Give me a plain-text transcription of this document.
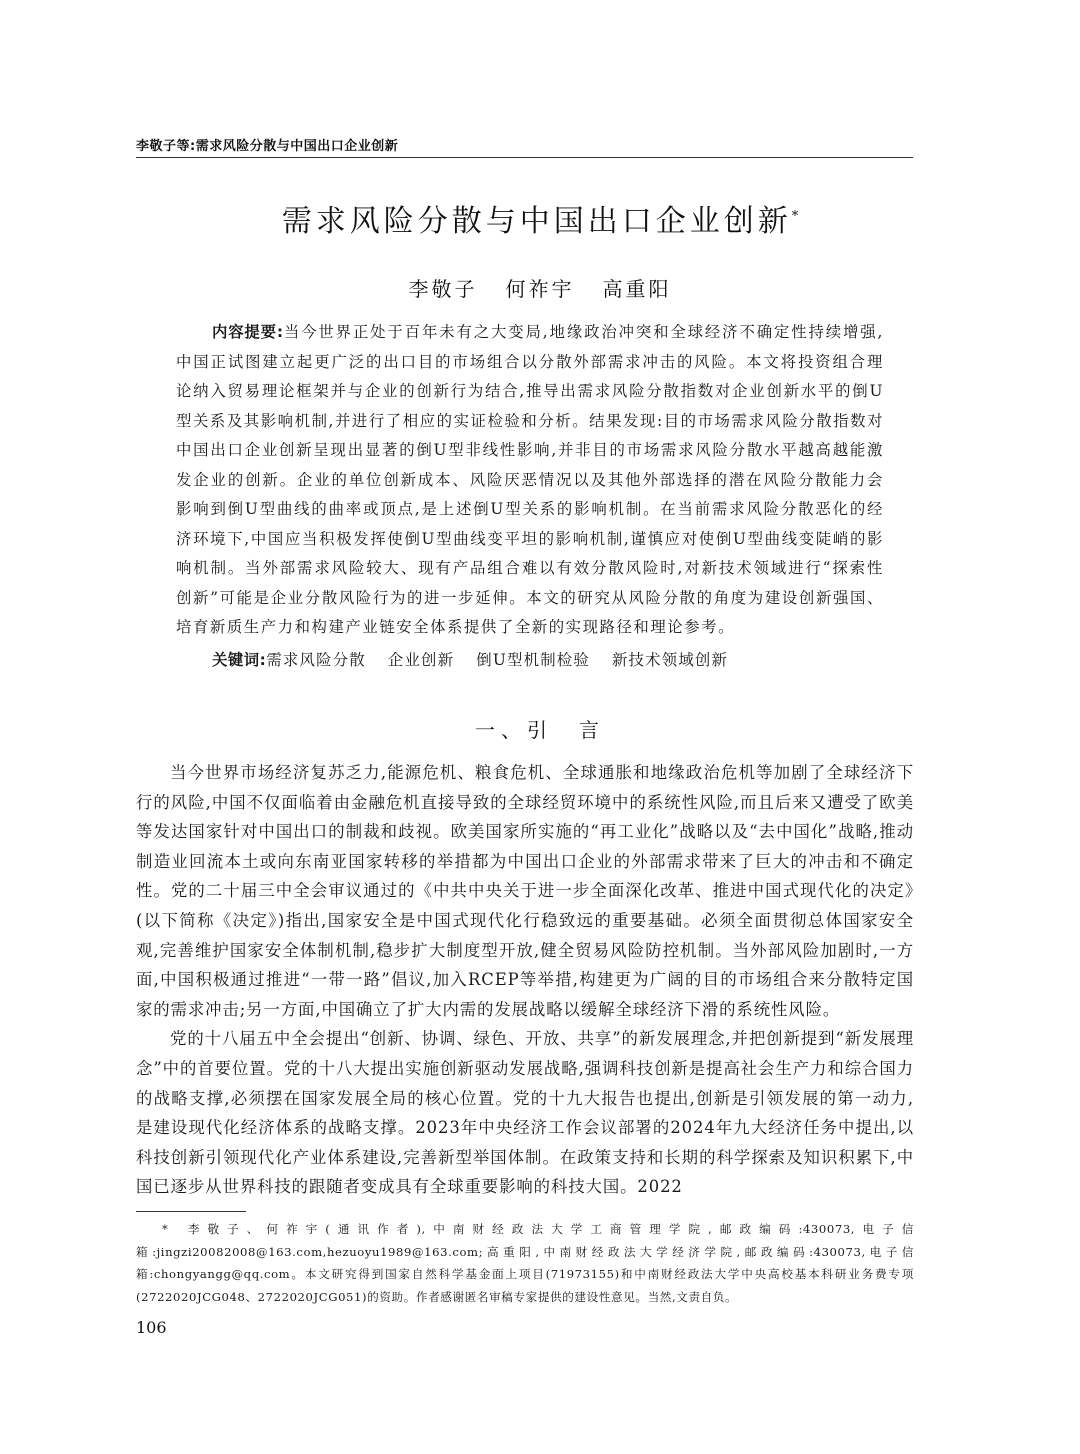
李敬子等:需求风险分散与中国出口企业创新
需求风险分散与中国出口企业创新*
李敬子 何祚宇 高重阳
内容提要:当今世界正处于百年未有之大变局,地缘政治冲突和全球经济不确定性持续增强,中国正试图建立起更广泛的出口目的市场组合以分散外部需求冲击的风险。本文将投资组合理论纳入贸易理论框架并与企业的创新行为结合,推导出需求风险分散指数对企业创新水平的倒U型关系及其影响机制,并进行了相应的实证检验和分析。结果发现:目的市场需求风险分散指数对中国出口企业创新呈现出显著的倒U型非线性影响,并非目的市场需求风险分散水平越高越能激发企业的创新。企业的单位创新成本、风险厌恶情况以及其他外部选择的潜在风险分散能力会影响到倒U型曲线的曲率或顶点,是上述倒U型关系的影响机制。在当前需求风险分散恶化的经济环境下,中国应当积极发挥使倒U型曲线变平坦的影响机制,谨慎应对使倒U型曲线变陡峭的影响机制。当外部需求风险较大、现有产品组合难以有效分散风险时,对新技术领域进行“探索性创新”可能是企业分散风险行为的进一步延伸。本文的研究从风险分散的角度为建设创新强国、培育新质生产力和构建产业链安全体系提供了全新的实现路径和理论参考。
关键词:需求风险分散 企业创新 倒U型机制检验 新技术领域创新
一、引　言

当今世界市场经济复苏乏力,能源危机、粮食危机、全球通胀和地缘政治危机等加剧了全球经济下行的风险,中国不仅面临着由金融危机直接导致的全球经贸环境中的系统性风险,而且后来又遭受了欧美等发达国家针对中国出口的制裁和歧视。欧美国家所实施的“再工业化”战略以及“去中国化”战略,推动制造业回流本土或向东南亚国家转移的举措都为中国出口企业的外部需求带来了巨大的冲击和不确定性。党的二十届三中全会审议通过的《中共中央关于进一步全面深化改革、推进中国式现代化的决定》(以下简称《决定》)指出,国家安全是中国式现代化行稳致远的重要基础。必须全面贯彻总体国家安全观,完善维护国家安全体制机制,稳步扩大制度型开放,健全贸易风险防控机制。当外部风险加剧时,一方面,中国积极通过推进“一带一路”倡议,加入RCEP等举措,构建更为广阔的目的市场组合来分散特定国家的需求冲击;另一方面,中国确立了扩大内需的发展战略以缓解全球经济下滑的系统性风险。

党的十八届五中全会提出“创新、协调、绿色、开放、共享”的新发展理念,并把创新提到“新发展理念”中的首要位置。党的十八大提出实施创新驱动发展战略,强调科技创新是提高社会生产力和综合国力的战略支撑,必须摆在国家发展全局的核心位置。党的十九大报告也提出,创新是引领发展的第一动力,是建设现代化经济体系的战略支撑。2023年中央经济工作会议部署的2024年九大经济任务中提出,以科技创新引领现代化产业体系建设,完善新型举国体制。在政策支持和长期的科学探索及知识积累下,中国已逐步从世界科技的跟随者变成具有全球重要影响的科技大国。2022

* 李敬子、何祚宇(通讯作者),中南财经政法大学工商管理学院,邮政编码:430073,电子信箱:jingzi20082008@163.com,hezuoyu1989@163.com;高重阳,中南财经政法大学经济学院,邮政编码:430073,电子信箱:chongyangg@qq.com。本文研究得到国家自然科学基金面上项目(71973155)和中南财经政法大学中央高校基本科研业务费专项(2722020JCG048、2722020JCG051)的资助。作者感谢匿名审稿专家提供的建设性意见。当然,文责自负。
106
